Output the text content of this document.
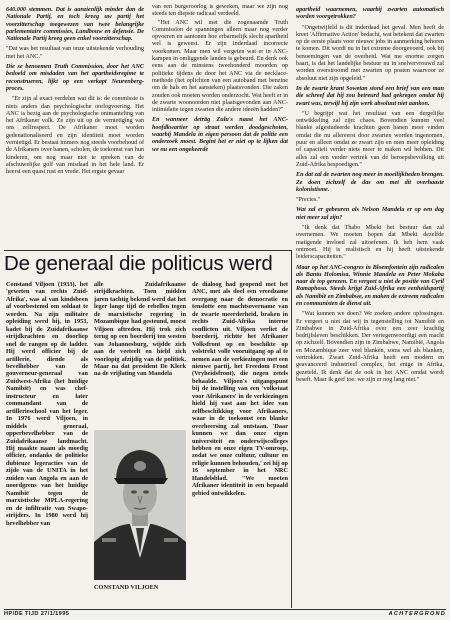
640.000 stemmen. Dat is aanzienlijk minder dan de Nationale Partij, en toch kreeg uw partij het voorzitterschap toegewezen van twee belangrijke parlementaire commissies, Landbouw en defensie. De Nationale Partij kreeg geen enkel voorzitterschap.

"Dat was het resultaat van onze uitstekende verhouding met het ANC."

Die se benoemen Truth Commission, door het ANC bedoeld om misdaden van het apartheidsregime te reconstrueren, lijkt op een verkapt Neurenberg-proces.

"Er zijn al exact verdelen wat dit is: de commissie is niets anders dan psychologische oorlogvoering. Het ANC is bezig aan de psychologische ontmanteling van het Afrikaner volk. Ze zijn uit op de vernietiging van ons zelfrespect. De Afrikaner moet worden gedenationaliseerd en zijn identiteit moet worden vernietigd. Er bestaat immers nog steeds voorbehoud of de Afrikaners over banen, scholen, de toekomst van hun kinderen, om nog maar niet te spreken van de afschuwelijke golf van misdaad in het hele land. Er heerst een quasi rust en vrede. Het ergste gevaar

van een burgeroorlog is geweken, maar we zijn nog steeds ten diepste radicaal verdeeld.

"Het ANC wil met die zogenaamde Truth Commission de spanningen alleen maar nog verder opvoeren en aantonen hoe erbarmelijk slecht apartheid wel is geweest. Er zijn inderdaad incorrecte voorkomen. Maar men wil vergeten wat er in ANC-kampen in omliggende landen is gebeurd. En denk ook eens aan de minstens tweehonderd moorden op politieke tijdens de door het ANC via de necklace-methode (het oplichten van een autoband met benzine om de hals en het aansteken) plaatsvonden. Die zaken zouden ook moeten worden onderzocht. Wat heeft er in de zwarte woonoorden niet plaatsgevonden aan ANC-intimidatie tegen zwarten die andere ideeën hadden?"

En wanneer deträg Zulu's naast het ANC-hoofdkwartier op straat werden doodgeschoten, waarbij Mandela in eigen persoon dat de politie een onderzoek moest. Begint het er niet op te lijken dat we nu een ongekeerde

apartheid waarnemen, waarbij zwarten automatisch worden voorgetrokken?

"Ongetwijfeld is dit inderdaad het geval. Men heeft de kreet 'Affirmative Action' bedacht, wat betekent dat zwarten op de eerste plaats voor nieuwe jobs in aanmerking behoren te komen. Dit wordt nu in het extreme doorgevoerd, ook bij benoemingen van de overheid. Wat me enorme zorgen baart, is dat het landelijke bestuur nu in snelvervrouwd zal worden overstroomd met zwarten op posten waarvoor ze absoluut niet zijn opgeleid."

In de zwarte krant Sowetan stond een brief van een man die schreef dat hij zou betreurd had gekregen omdat hij zwart was, terwijl hij zijn werk absoluut niet aankon.

"U begrijpt wat het resultaat van een dergelijke ontwikkeling zal zijn: chaos. Bovendien kunnen veel blanke afgestudeerde krachten geen banen meer vinden omdat die nu allereerst door zwarten worden ingenomen, puur en alleen omdat ze zwart zijn en men meer opleiding of capaciteit verder niets meer te maken wil hebben. Dit alles zal een verder vertrek van de beroepsbevolking uit Zuid-Afrika bespoedigen."

En dat zal de zwarten nog meer in moeilijkheden brengen. Ze doen zichzelf de das om met dit overhaaste kolonistisme.

"Precies."

Wat zal er gebeuren als Nelson Mandela er op een dag niet meer zal zijn?

"Ik denk dat Thabo Mbeki het bestuur dan zal overnemen. We moeten hopen dat Mbeki dezelfde matigende invloed zal uitoefenen. Ik heb hem vaak ontmoet. Hij is realistisch en hij heeft uitstekende leiderscapaciteiten."

Maar op het ANC-congres in Bloemfontein zijn radicalen als Bantu Holomisa, Winnie Mandela en Peter Mokaba naar de top gerezen. En vergeet u niet de positie van Cyril Ramaphosa. Steeds krijgt Zuid-Afrika een eenheidspartij als Namibië en Zimbabwe, en maken de extreem radicalen en communisten de dienst uit.

"Wat kunnen we doen? We zoeken andere oplossingen. Er vergeet u niet dat wij in tegenstelling tot Namibië en Zimbabwe in Zuid-Afrika over een zeer krachtig bedrijfsleven beschikken. Der vertegenwoordigt een macht op zichzelf. Bovendien zijn in Zimbabwe, Namibië, Angola en Mozambique zeer veel blanken, soms wel als blanken, vertrokken. Zwart Zuid-Afrika heeft een modern en geavanceerd industrieel complex, het enige in Afrika, gezeteld. Ik denk dat de ook in het ANC omdat wordt beseft. Maar ik geef toe: we zijn er nog lang niet."

De generaal die politicus werd

Constand Viljoen (1933), het 'geweten van rechts Zuid-Afrika', was al van kindsbeen af voorbestemd om soldaat te worden. Na zijn militaire opleiding werd hij, in 1953, kadet bij de Zuidafrikaanse strijdkrachten en doorliep snel de rangen op de ladder. Hij werd officier bij de artillerie, diende als bevelhebber van de gouverneur-generaal van Zuidwest-Afrika (het huidige Namibië) en was chef-instructeur en later commandant van de artillerieschool van het leger. In 1976 werd Viljoen, in middels generaal, opperbevelhebber van de Zuidafrikaanse landmacht. Hij maakte naam als moedig officier, ondanks de politieke dubieuze legeracties van de zijde van de UNITA in het zuiden van Angola en aan de noordgrens van het huidige Namibië tegen de marxistische MPLA-regering en de infiltratie van Swapo-strijders. In 1980 werd hij bevelhebber van

alle Zuidafrikaanse strijdkrachten. Toen midden jaren tachtig bekend werd dat het leger lange tijd de rebellen tegen de marxistische regering in Mozambique had gesteund, moest Viljoen aftreden. Hij trok zich terug op een boerderij ten westen van Johannesburg, wijdde zich aan de veeteelt en hield zich voorlopig afzijdig van de politiek. Maar na dat president De Klerk na de vrijlating van Mandela

CONSTAND VILJOEN

de dialoog had geopend met het ANC, met als doel een vreedzame overgang naar de democratie en tenslotte een machtsovername van de zwarte meerderheid, braken in rechts Zuid-Afrika interne conflicten uit. Viljoen verliet de boerderij, richtte het Afrikaner Volksfront op en beschikte op volstrekt volle vooruitgang op al te nemen aan de verkiezingen met een nieuwe partij, het Freedom Front (Vryheidsfront), die negen zetels behaalde. Viljoen's uitgangspunt bij de instelling van een 'volkstaat voor Afrikaners' in de verkiezingen hield hij vast aan het idee van zelfbeschikking voor Afrikaners, waar in de toekomst een blanke overheersing zal ontstaan. 'Daar kunnen we dan onze eigen universiteit en onderwijscolleges hebben en onze eigen TV-omroep, zodat we onze cultuur, cultuur en religie kunnen behouden,' zei hij op 16 september in het NRC Handelsblad. "We moeten Afrikaner identiteit in een bepaald gebied ontwikkelen.

HP/DE TIJD 27/1/1995	ACHTERGROND
